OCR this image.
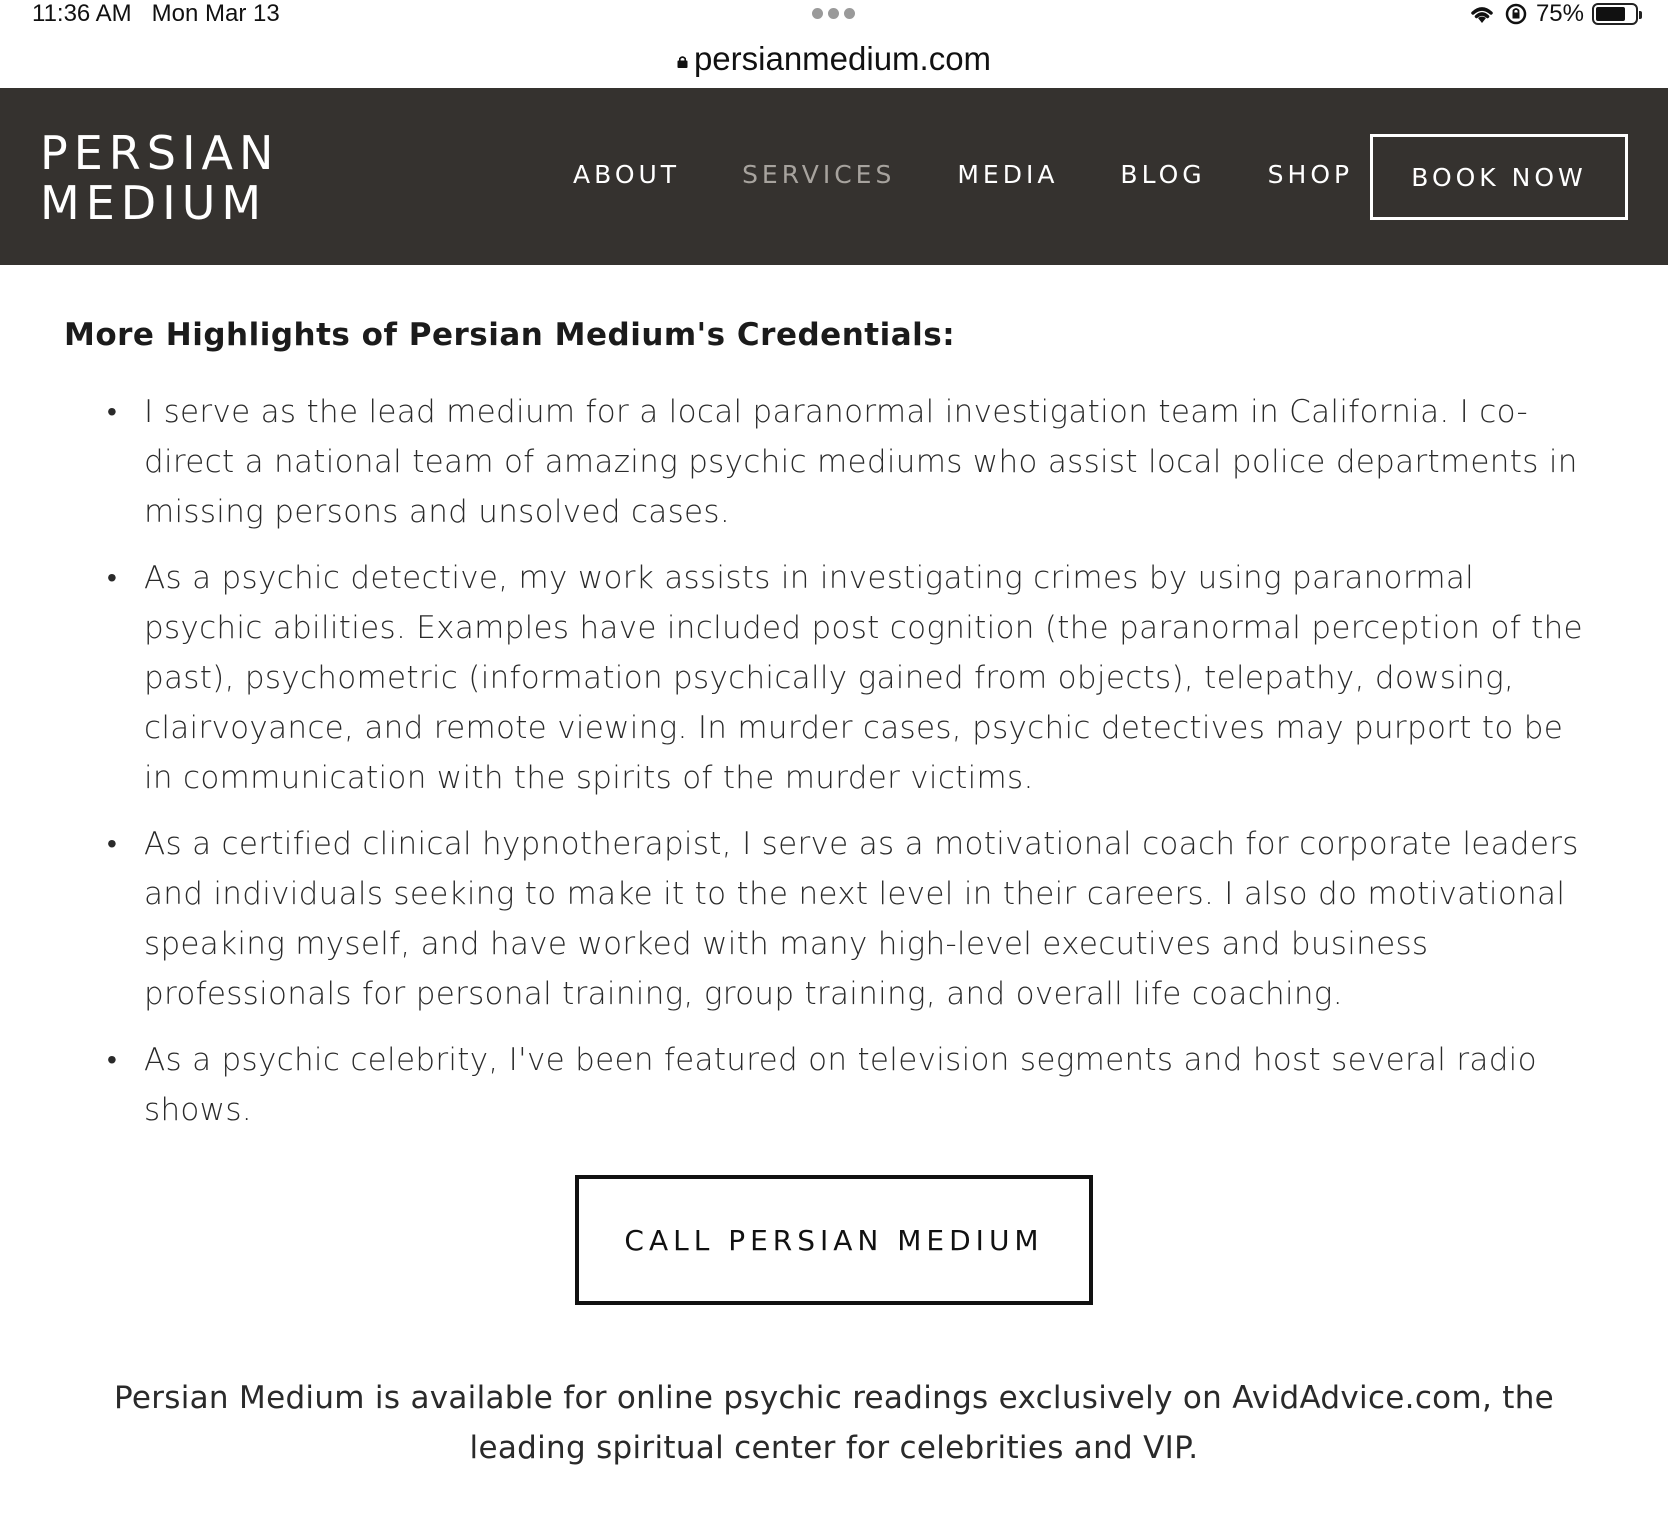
11:36 AM Mon Mar 13	75%
persianmedium.com
PERSIAN
MEDIUM
ABOUT SERVICES MEDIA BLOG SHOP	BOOK NOW
More Highlights of Persian Medium's Credentials:
• I serve as the lead medium for a local paranormal investigation team in California. I co-direct a national team of amazing psychic mediums who assist local police departments in missing persons and unsolved cases.
• As a psychic detective, my work assists in investigating crimes by using paranormal psychic abilities. Examples have included post cognition (the paranormal perception of the past), psychometric (information psychically gained from objects), telepathy, dowsing, clairvoyance, and remote viewing. In murder cases, psychic detectives may purport to be in communication with the spirits of the murder victims.
• As a certified clinical hypnotherapist, I serve as a motivational coach for corporate leaders and individuals seeking to make it to the next level in their careers. I also do motivational speaking myself, and have worked with many high-level executives and business professionals for personal training, group training, and overall life coaching.
• As a psychic celebrity, I've been featured on television segments and host several radio shows.
CALL PERSIAN MEDIUM

Persian Medium is available for online psychic readings exclusively on AvidAdvice.com, the leading spiritual center for celebrities and VIP.
